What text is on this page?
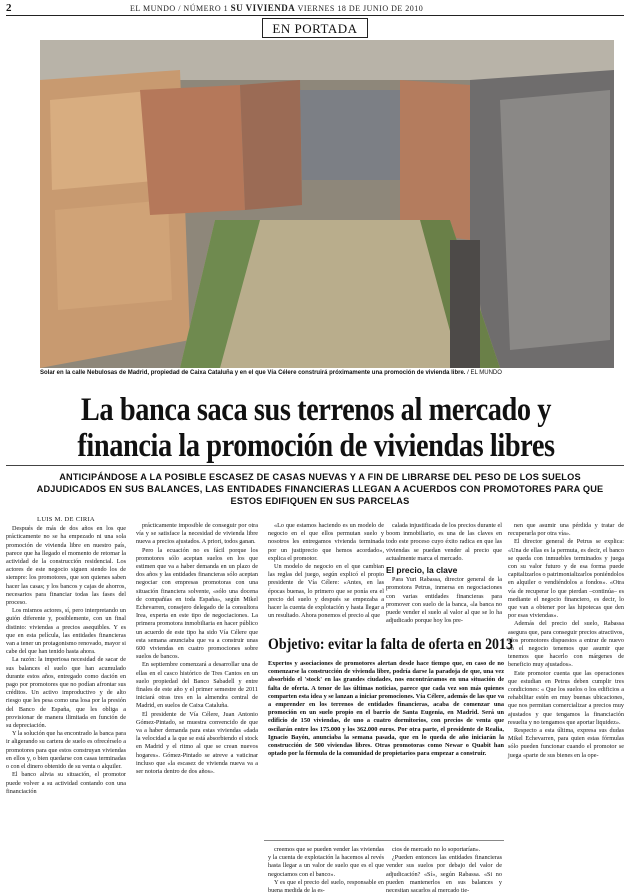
2	EL MUNDO / NÚMERO 1 SU VIVIENDA VIERNES 18 DE JUNIO DE 2010
EN PORTADA
Solar en la calle Nebulosas de Madrid, propiedad de Caixa Cataluña y en el que Vía Célere construirá próximamente una promoción de vivienda libre. / EL MUNDO
La banca saca sus terrenos al mercado y financia la promoción de viviendas libres
ANTICIPÁNDOSE A LA POSIBLE ESCASEZ DE CASAS NUEVAS Y A FIN DE LIBRARSE DEL PESO DE LOS SUELOS ADJUDICADOS EN SUS BALANCES, LAS ENTIDADES FINANCIERAS LLEGAN A ACUERDOS CON PROMOTORES PARA QUE ESTOS EDIFIQUEN EN SUS PARCELAS
LUIS M. DE CIRIA

Después de más de dos años en los que prácticamente no se ha empezado ni una sola promoción de vivienda libre en nuestro país, parece que ha llegado el momento de retomar la actividad de la construcción residencial. Los actores de este negocio siguen siendo los de siempre: los promotores, que son quienes saben hacer las casas; y los bancos y cajas de ahorros, necesarios para financiar todas las fases del proceso.

Los mismos actores, sí, pero interpretando un guión diferente y, posiblemente, con un final distinto: viviendas a precios asequibles. Y es que en esta película, las entidades financieras van a tener un protagonismo renovado, mayor si cabe del que han tenido hasta ahora.

La razón: la imperiosa necesidad de sacar de sus balances el suelo que han acumulado durante estos años, entregado como dación en pago por promotores que no podían afrontar sus créditos. Un activo improductivo y de alto riesgo que les pesa como una losa por la presión del Banco de España, que les obliga a provisionar de manera ilimitada en función de su depreciación.

Y la solución que ha encontrado la banca para ir aligerando su cartera de suelo es ofrecérselo a promotores para que estos construyan viviendas en ellos y, o bien quedarse con casas terminadas o con el dinero obtenido de su venta o alquiler.

El banco alivia su situación, el promotor puede volver a su actividad contando con una financiación

prácticamente imposible de conseguir por otra vía y se satisface la necesidad de vivienda libre nueva a precios ajustados. A priori, todos ganan.

Pero la ecuación no es fácil porque los promotores sólo aceptan suelos en los que estimen que va a haber demanda en un plazo de dos años y las entidades financieras sólo aceptan negociar con empresas promotoras con una situación financiera solvente, «sólo una docena de compañías en toda España», según Mikel Echevarren, consejero delegado de la consultora Irea, experta en este tipo de negociaciones. La primera promotora inmobiliaria en hacer público un acuerdo de este tipo ha sido Vía Célere que esta semana anunciaba que va a construir unas 600 viviendas en cuatro promociones sobre suelos de bancos.

En septiembre comenzará a desarrollar una de ellas en el casco histórico de Tres Cantos en un suelo propiedad del Banco Sabadell y entre finales de este año y el primer semestre de 2011 iniciará otras tres en la almendra central de Madrid, en suelos de Caixa Cataluña.

El presidente de Vía Célere, Juan Antonio Gómez-Pintado, se muestra convencido de que va a haber demanda para estas viviendas «dada la velocidad a la que se está absorbiendo el stock en Madrid y el ritmo al que se crean nuevos hogares». Gómez-Pintado se atreve a vaticinar incluso que «la escasez de vivienda nueva va a ser notoria dentro de dos años».

«Lo que estamos haciendo es un modelo de negocio en el que ellos permutan suelo y nosotros les entregamos vivienda terminada por un justiprecio que hemos acordado», explica el promotor.

Un modelo de negocio en el que cambian las reglas del juego, según explicó el propio presidente de Vía Célere: «Antes, en las épocas buenas, lo primero que se ponía era el precio del suelo y después se empezaba a hacer la cuenta de explotación y hasta llegar a un resultado. Ahora ponemos el precio al que

calada injustificada de los precios durante el boom inmobiliario, es una de las claves en todo este proceso cuyo éxito radica en que las viviendas se puedan vender al precio que actualmente marca el mercado.

El precio, la clave

Para Yuri Rabassa, director general de la promotora Petrus, inmersa en negociaciones con varias entidades financieras para promover con suelo de la banca, «la banca no puede vender el suelo al valor al que se lo ha adjudicado porque hoy los pre-

nen que asumir una pérdida y tratar de recuperarla por otra vía».

El director general de Petrus se explica: «Una de ellas es la permuta, es decir, el banco se queda con inmuebles terminados y juega con su valor futuro y de esa forma puede capitalizarlos o patrimonializarlos poniéndolos en alquiler o vendiéndolos a fondos». «Otra vía de recuperar lo que pierdan –continúa– es mediante el negocio financiero, es decir, lo que van a obtener por las hipotecas que den por esas viviendas».

Además del precio del suelo, Rabassa asegura que, para conseguir precios atractivos, «los promotores dispuestos a entrar de nuevo en el negocio tenemos que asumir que tenemos que hacerlo con márgenes de beneficio muy ajustados».

Este promotor cuenta que las operaciones que estudian en Petrus deben cumplir tres condiciones: « Que los suelos o los edificios a rehabilitar estén en muy buenas ubicaciones, que nos permitan comercializar a precios muy ajustados y que tengamos la financiación resuelta y no tengamos que aportar liquidez».

Respecto a esta última, expresa sus dudas Mikel Echevarren, para quien estas fórmulas sólo pueden funcionar cuando el promotor se juega «parte de sus bienes en la ope-

Objetivo: evitar la falta de oferta en 2013
Expertos y asociaciones de promotores alertan desde hace tiempo que, en caso de no comenzarse la construcción de vivienda libre, podría darse la paradoja de que, una vez absorbido el 'stock' en las grandes ciudades, nos encontráramos en una situación de falta de oferta. A tenor de las últimas noticias, parece que cada vez son más quienes comparten esta idea y se lanzan a iniciar promociones. Vía Célere, además de las que va a emprender en los terrenos de entidades financieras, acaba de comenzar una promoción en un suelo propio en el barrio de Santa Eugenia, en Madrid. Será un edificio de 150 viviendas, de uno a cuatro dormitorios, con precios de venta que oscilarán entre los 175.000 y los 362.000 euros. Por otra parte, el presidente de Realia, Ignacio Bayón, anunciaba la semana pasada, que en lo queda de año iniciarán la construcción de 500 viviendas libres. Otras promotoras como Newar o Quabit han optado por la fórmula de la comunidad de propietarios para empezar a construir.

creemos que se pueden vender las viviendas y la cuenta de explotación la hacemos al revés hasta llegar a un valor de suelo que es el que negociamos con el banco».

Y es que el precio del suelo, responsable en buena medida de la es-

cios de mercado no lo soportarían».

¿Pueden entonces las entidades financieras vender sus suelos por debajo del valor de adjudicación? «Sí», según Rabassa. «Si no pueden mantenerlos en sus balances y necesitan sacarlos al mercado tie-
